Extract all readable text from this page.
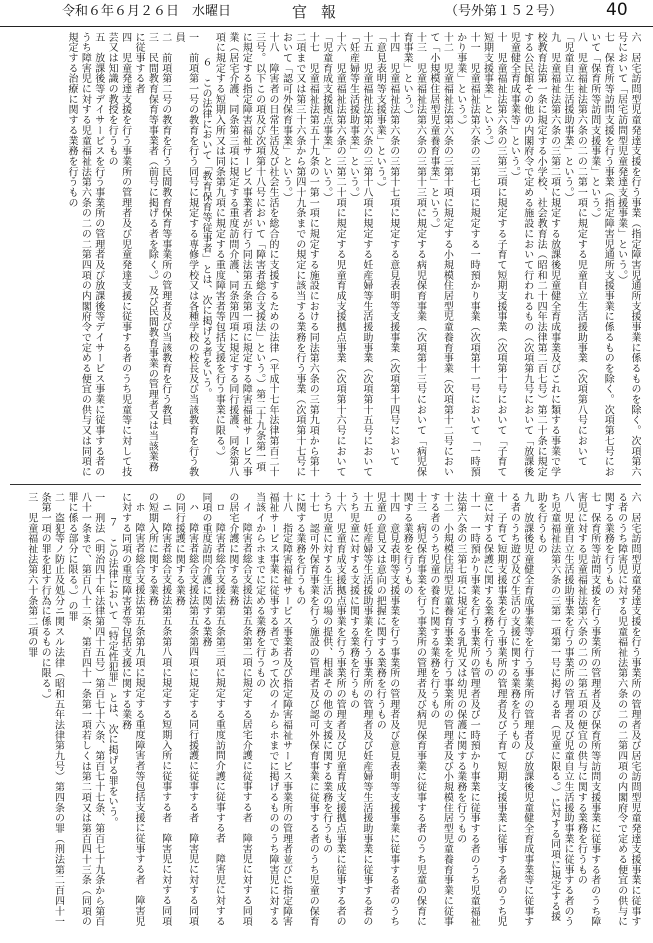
令和６年６月２６日　水曜日	官報	（号外第１５２号）	40

六　居宅訪問型児童発達支援を行う事業（指定障害児通所支援事業に係るものを除く。次項第六号において「居宅訪問型児童発達支援事業」という。）

七　保育所等訪問支援を行う事業（指定障害児通所支援事業に係るものを除く。次項第七号において「保育所等訪問支援事業」という。）

八　児童福祉法第六条の二の二第一項に規定する児童自立生活援助事業（次項第八号において「児童自立生活援助事業」という。）

九　児童福祉法第六条の三第二項に規定する放課後児童健全育成事業及びこれに類する事業で学校教育法第一条に規定する小学校、社会教育法（昭和二十四年法律第二百七号）第二十条に規定する公民館その他の内閣府令で定める施設において行われるもの（次項第九号において「放課後児童健全育成事業等」という。）

十　児童福祉法第六条の三第三項に規定する子育て短期支援事業（次項第十号において「子育て短期支援事業」という。）

十一　児童福祉法第六条の三第七項に規定する一時預かり事業（次項第十一号において「一時預かり事業」という。）

十二　児童福祉法第六条の三第十項に規定する小規模住居型児童養育事業（次項第十二号において「小規模住居型児童養育事業」という。）

十三　児童福祉法第六条の三第十三項に規定する病児保育事業（次項第十三号において「病児保育事業」という。）

十四　児童福祉法第六条の三第十七項に規定する意見表明等支援事業（次項第十四号において「意見表明等支援事業」という。）

十五　児童福祉法第六条の三第十八項に規定する妊産婦等生活援助事業（次項第十五号において「妊産婦等生活援助事業」という。）

十六　児童福祉法第六条の三第二十項に規定する児童育成支援拠点事業（次項第十六号において「児童育成支援拠点事業」という。）

十七　児童福祉法第五十九条の一第一項に規定する施設における同法第六条の三第九項から第十二項まで又は第三十六条から第四十九条までの規定に該当する業務を行う事業（次項第十七号において「認可外保育事業」という。）

十八　障害者の日常生活及び社会生活を総合的に支援するための法律（平成十七年法律第百二十三号。以下この項及び次項第十八号において「障害者総合支援法」という。）第二十九条第一項に規定する指定障害福祉サービス事業者が行う同法第五条第一項に規定する障害福祉サービス事業（居宅介護、同条第三項に規定する重度訪問介護、同条第四項に規定する同行援護、同条第八項に規定する短期入所又は同条第九項に規定する重度障害者等包括支援を行う事業に限る。）

６　この法律において「教育保育等従事者」とは、次に掲げる者をいう。

一　前項第一号の教育を行う同号に規定する専修学校又は各種学校の校長及び当該教育を行う教員

二　前項第二号の教育を行う民間教育保育等事業所の管理者及び当該教育を行う教員

三　民間教育保育等事業者（前号に掲げる者を除く。）及び民間教育事業の管理者又は当該業務に従事する者

四　児童発達支援を行う事業所の管理者及び児童発達支援に従事する者のうち児童等に対して技芸又は知識の教授を行うもの

五　放課後等デイサービスを行う事業所の管理者及び放課後等デイサービス事業に従事する者のうち障害児に対する児童福祉法第六条の二の二第四項の内閣府令で定める便宜の供与又は同項に規定する治療に関する業務を行うもの

六　居宅訪問型児童発達支援を行う事業所の管理者及び居宅訪問型児童発達支援事業に従事する者のうち障害児に対する児童福祉法第六条の二の二第四項の内閣府令で定める便宜の供与に関する業務を行うもの

七　保育所等訪問支援を行う事業所の管理者及び保育所等訪問支援事業に従事する者のうち障害児に対する児童福祉法第六条の二の二第五項の便宜の供与に関する業務を行うもの

八　児童自立生活援助事業を行う事業所の管理者及び児童自立生活援助事業に従事する者のうち児童福祉法第六条の三第一項第一号に掲げる者（児童に限る。）に対する同項に規定する援助を行うもの

九　放課後児童健全育成事業等を行う事業所の管理者及び放課後児童健全育成事業等に従事する者のうち遊び及び生活の支援に関する業務を行うもの

十　子育て短期支援事業を行う事業所の管理者及び子育て短期支援事業に従事する者のうち児童に対する保護に関する業務を行うもの

十一　一時預かり事業を行う事業所の管理者及び一時預かり事業に従事する者のうち児童福祉法第六条の三第七項に規定する乳児又は幼児の保護に関する業務を行うもの

十二　小規模住居型児童養育事業を行う事業所の管理者及び小規模住居型児童養育事業に従事する者のうち児童の養育に関する業務を行うもの

十三　病児保育事業を行う事業所の管理者及び病児保育事業に従事する者のうち児童の保育に関する業務を行うもの

十四　意見表明等支援事業を行う事業所の管理者及び意見表明等支援事業に従事する者のうち児童の意見又は意向の把握に関する業務を行うもの

十五　妊産婦等生活援助事業を行う事業所の管理者及び妊産婦等生活援助事業に従事する者のうち児童に対する支援に関する業務を行うもの

十六　児童育成支援拠点事業を行う事業所の管理者及び児童育成支援拠点事業に従事する者のうち児童に対する生活の場の提供、相談その他の支援に関する業務を行うもの

十七　認可外保育事業を行う施設の管理者及び認可外保育事業に従事する者のうち児童の保育に関する業務を行うもの

十八　指定障害福祉サービス事業者及び指定障害福祉サービス事業所の管理者並びに指定障害福祉サービス事業に従事する者であって次のイからホまでに掲げるもののうち障害児に対する当該イからホまでに定める業務を行うもの

イ　障害者総合支援法第五条第二項に規定する居宅介護に従事する者　障害児に対する同項の居宅介護に関する業務

ロ　障害者総合支援法第五条第三項に規定する重度訪問介護に従事する者　障害児に対する同項の重度訪問介護に関する業務

ハ　障害者総合支援法第五条第四項に規定する同行援護に従事する者　障害児に対する同項の同行援護に関する業務

ニ　障害者総合支援法第五条第八項に規定する短期入所に従事する者　障害児に対する同項の短期入所に関する業務

ホ　障害者総合支援法第五条第九項に規定する重度障害者等包括支援に従事する者　障害児に対する同項の重度障害者等包括支援に関する業務

７　この法律において「特定性犯罪」とは、次に掲げる罪をいう。

一　刑法（明治四十年法律第四十五号）第百七十六条、第百七十七条、第百七十九条から第百八十一条まで、第百八十二条、第百四十一条第一項若しくは第二項又は第百四十三条（同項の罪に係る部分に限る。）の罪

二　盗犯等ノ防止及処分ニ関スル法律（昭和五年法律第九号）第四条の罪（刑法第二百四十一条第一項の罪を犯す行為に係るものに限る。）

三　児童福祉法第六十条第二項の罪
